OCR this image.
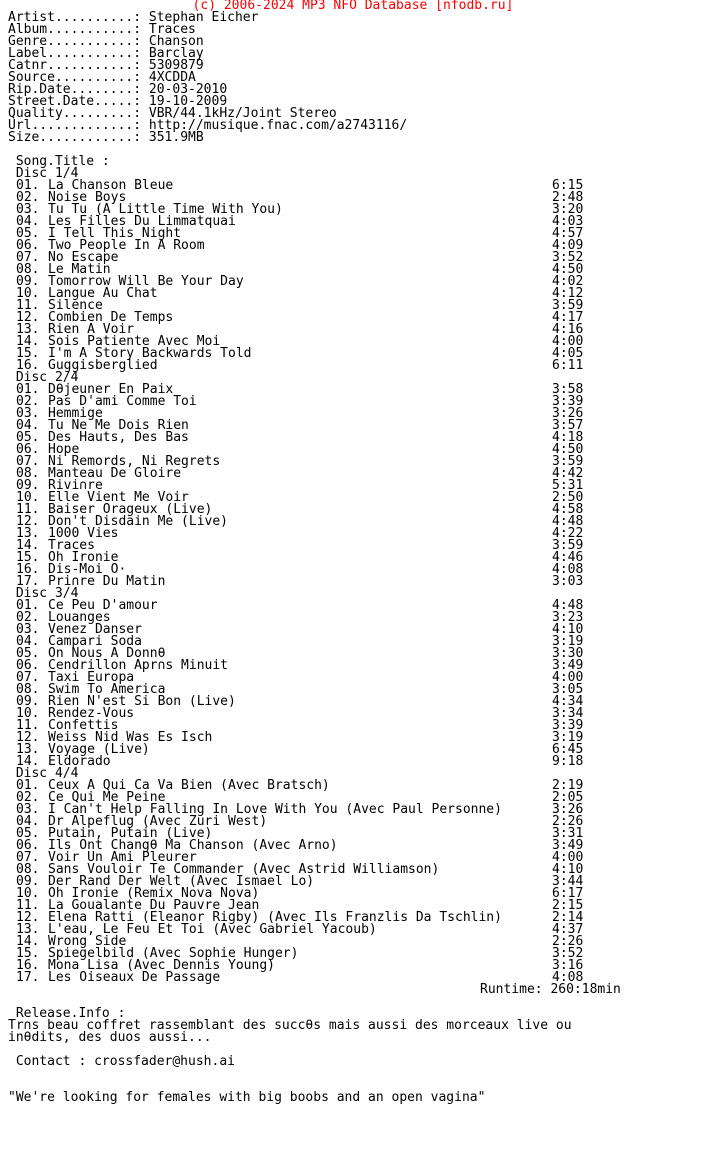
(c) 2006-2024 MP3 NFO Database [nfodb.ru]
Artist..........: Stephan Eicher
Album...........: Traces
Genre...........: Chanson
Label...........: Barclay
Catnr...........: 5309879
Source..........: 4XCDDA
Rip.Date........: 20-03-2010
Street.Date.....: 19-10-2009
Quality.........: VBR/44.1kHz/Joint Stereo
Url.............: http://musique.fnac.com/a2743116/
Size............: 351.9MB
Song.Title :
Disc 1/4
01. La Chanson Bleue	6:15
02. Noise Boys	2:48
03. Tu Tu (A Little Time With You)	3:20
04. Les Filles Du Limmatquai	4:03
05. I Tell This Night	4:57
06. Two People In A Room	4:09
07. No Escape	3:52
08. Le Matin	4:50
09. Tomorrow Will Be Your Day	4:02
10. Langue Au Chat	4:12
11. Silence	3:59
12. Combien De Temps	4:17
13. Rien A Voir	4:16
14. Sois Patiente Avec Moi	4:00
15. I'm A Story Backwards Told	4:05
16. Guggisberglied	6:11
Disc 2/4
01. Dθjeuner En Paix	3:58
02. Pas D'ami Comme Toi	3:39
03. Hemmige	3:26
04. Tu Ne Me Dois Rien	3:57
05. Des Hauts, Des Bas	4:18
06. Hope	4:50
07. Ni Remords, Ni Regrets	3:59
08. Manteau De Gloire	4:42
09. Rivi∩re	5:31
10. Elle Vient Me Voir	2:50
11. Baiser Orageux (Live)	4:58
12. Don't Disdain Me (Live)	4:48
13. 1000 Vies	4:22
14. Traces	3:59
15. Oh Ironie	4:46
16. Dis-Moi O·	4:08
17. Pri∩re Du Matin	3:03
Disc 3/4
01. Ce Peu D'amour	4:48
02. Louanges	3:23
03. Venez Danser	4:10
04. Campari Soda	3:19
05. On Nous A Donnθ	3:30
06. Cendrillon Apr∩s Minuit	3:49
07. Taxi Europa	4:00
08. Swim To America	3:05
09. Rien N'est Si Bon (Live)	4:34
10. Rendez-Vous	3:34
11. Confettis	3:39
12. Weiss Nid Was Es Isch	3:19
13. Voyage (Live)	6:45
14. Eldorado	9:18
Disc 4/4
01. Ceux A Qui Ca Va Bien (Avec Bratsch)	2:19
02. Ce Qui Me Peine	2:05
03. I Can't Help Falling In Love With You (Avec Paul Personne)	3:26
04. Dr Alpeflug (Avec Zuri West)	2:26
05. Putain, Putain (Live)	3:31
06. Ils Ont Changθ Ma Chanson (Avec Arno)	3:49
07. Voir Un Ami Pleurer	4:00
08. Sans Vouloir Te Commander (Avec Astrid Williamson)	4:10
09. Der Rand Der Welt (Avec Ismael Lo)	3:44
10. Oh Ironie (Remix Nova Nova)	6:17
11. La Goualante Du Pauvre Jean	2:15
12. Elena Ratti (Eleanor Rigby) (Avec Ils Franzlis Da Tschlin)	2:14
13. L'eau, Le Feu Et Toi (Avec Gabriel Yacoub)	4:37
14. Wrong Side	2:26
15. Spiegelbild (Avec Sophie Hunger)	3:52
16. Mona Lisa (Avec Dennis Young)	3:16
17. Les Oiseaux De Passage	4:08
Runtime: 260:18min
Release.Info :
Tr∩s beau coffret rassemblant des succθs mais aussi des morceaux live ou
inθdits, des duos aussi...
Contact : crossfader@hush.ai
"We're looking for females with big boobs and an open vagina"
